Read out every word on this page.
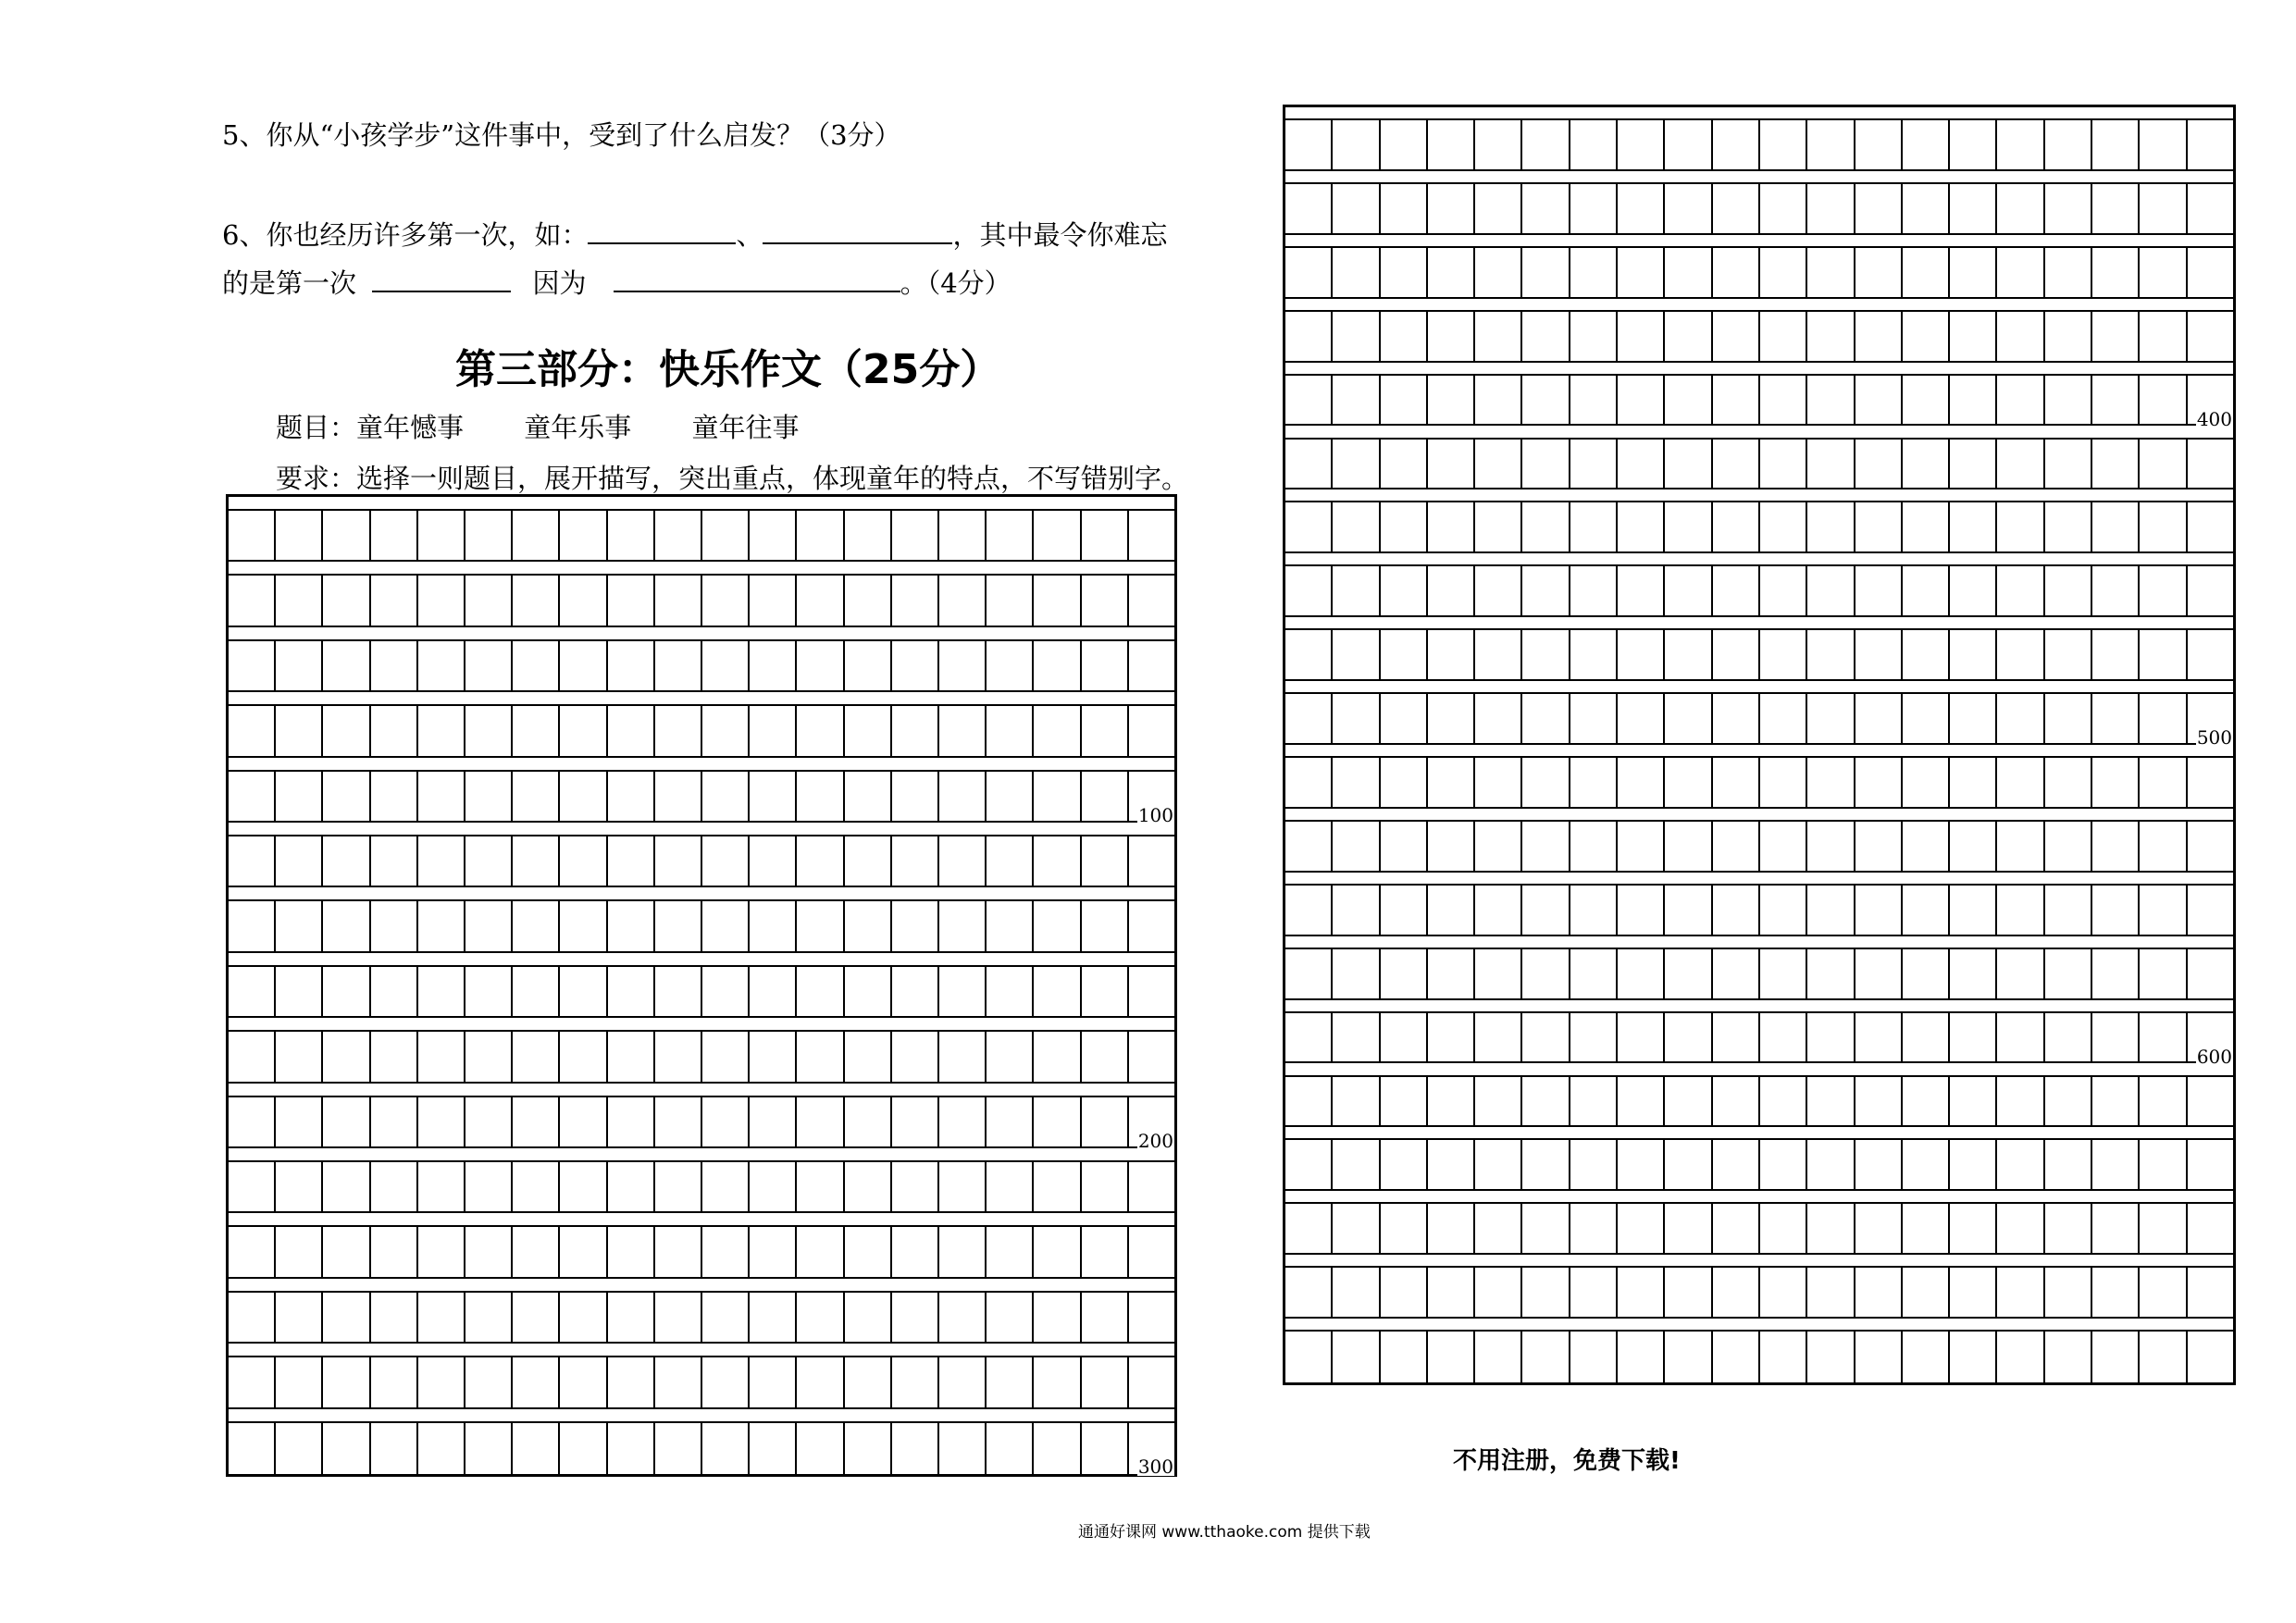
5、你从“小孩学步”这件事中，受到了什么启发？（3分）
6、你也经历许多第一次，如：	、	，其中最令你难忘
的是第一次	因为	。（4分）
第三部分：快乐作文（25分）
题目：童年憾事 童年乐事 童年往事
要求：选择一则题目，展开描写，突出重点，体现童年的特点，不写错别字。
100
200
300
400
500
600
不用注册，免费下载!
通通好课网 www.tthaoke.com 提供下载
